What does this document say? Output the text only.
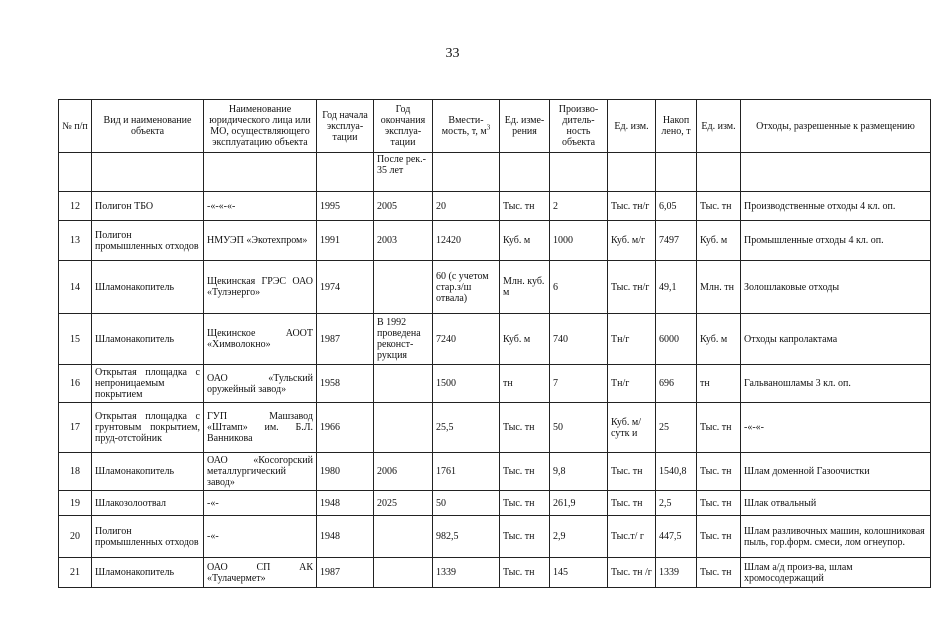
33
№ п/п	Вид и наименование объекта	Наименование юридического лица или МО, осуществляющего эксплуатацию объекта	Год начала эксплуа-тации	Год окончания эксплуа-тации	Вмести-мость, т, $м^3$	Ед. изме-рения	Произво-дитель-ность объекта	Ед. изм.	Накоп лено, т	Ед. изм.	Отходы, разрешенные к размещению
				После рек.- 35 лет							
12	Полигон ТБО	-«-«-«-	1995	2005	20	Тыс. тн	2	Тыс. тн/г	6,05	Тыс. тн	Производственные отходы 4 кл. оп.
13	Полигон промышленных отходов	НМУЭП «Экотехпром»	1991	2003	12420	Куб. м	1000	Куб. м/г	7497	Куб. м	Промышленные отходы 4 кл. оп.
14	Шламонакопитель	Щекинская ГРЭС ОАО «Тулэнерго»	1974		60 (с учетом стар.з/ш отвала)	Млн. куб. м	6	Тыс. тн/г	49,1	Млн. тн	Золошлаковые отходы
15	Шламонакопитель	Щекинское АООТ «Химволокно»	1987	В 1992 проведена реконст-рукция	7240	Куб. м	740	Тн/г	6000	Куб. м	Отходы капролактама
16	Открытая площадка с непроницаемым покрытием	ОАО «Тульский оружейный завод»	1958		1500	тн	7	Тн/г	696	тн	Гальваношламы 3 кл. оп.
17	Открытая площадка с грунтовым покрытием, пруд-отстойник	ГУП Машзавод «Штамп» им. Б.Л. Ванникова	1966		25,5	Тыс. тн	50	Куб. м/сутк и	25	Тыс. тн	-«-«-
18	Шламонакопитель	ОАО «Косогорский металлургический завод»	1980	2006	1761	Тыс. тн	9,8	Тыс. тн	1540,8	Тыс. тн	Шлам доменной Газоочистки
19	Шлакозолоотвал	-«-	1948	2025	50	Тыс. тн	261,9	Тыс. тн	2,5	Тыс. тн	Шлак отвальный
20	Полигон промышленных отходов	-«-	1948		982,5	Тыс. тн	2,9	Тыс.т/ г	447,5	Тыс. тн	Шлам разливочных машин, колошниковая пыль, гор.форм. смеси, лом огнеупор.
21	Шламонакопитель	ОАО СП АК «Тулачермет»	1987		1339	Тыс. тн	145	Тыс. тн /г	1339	Тыс. тн	Шлам а/д произ-ва, шлам хромосодержащий
